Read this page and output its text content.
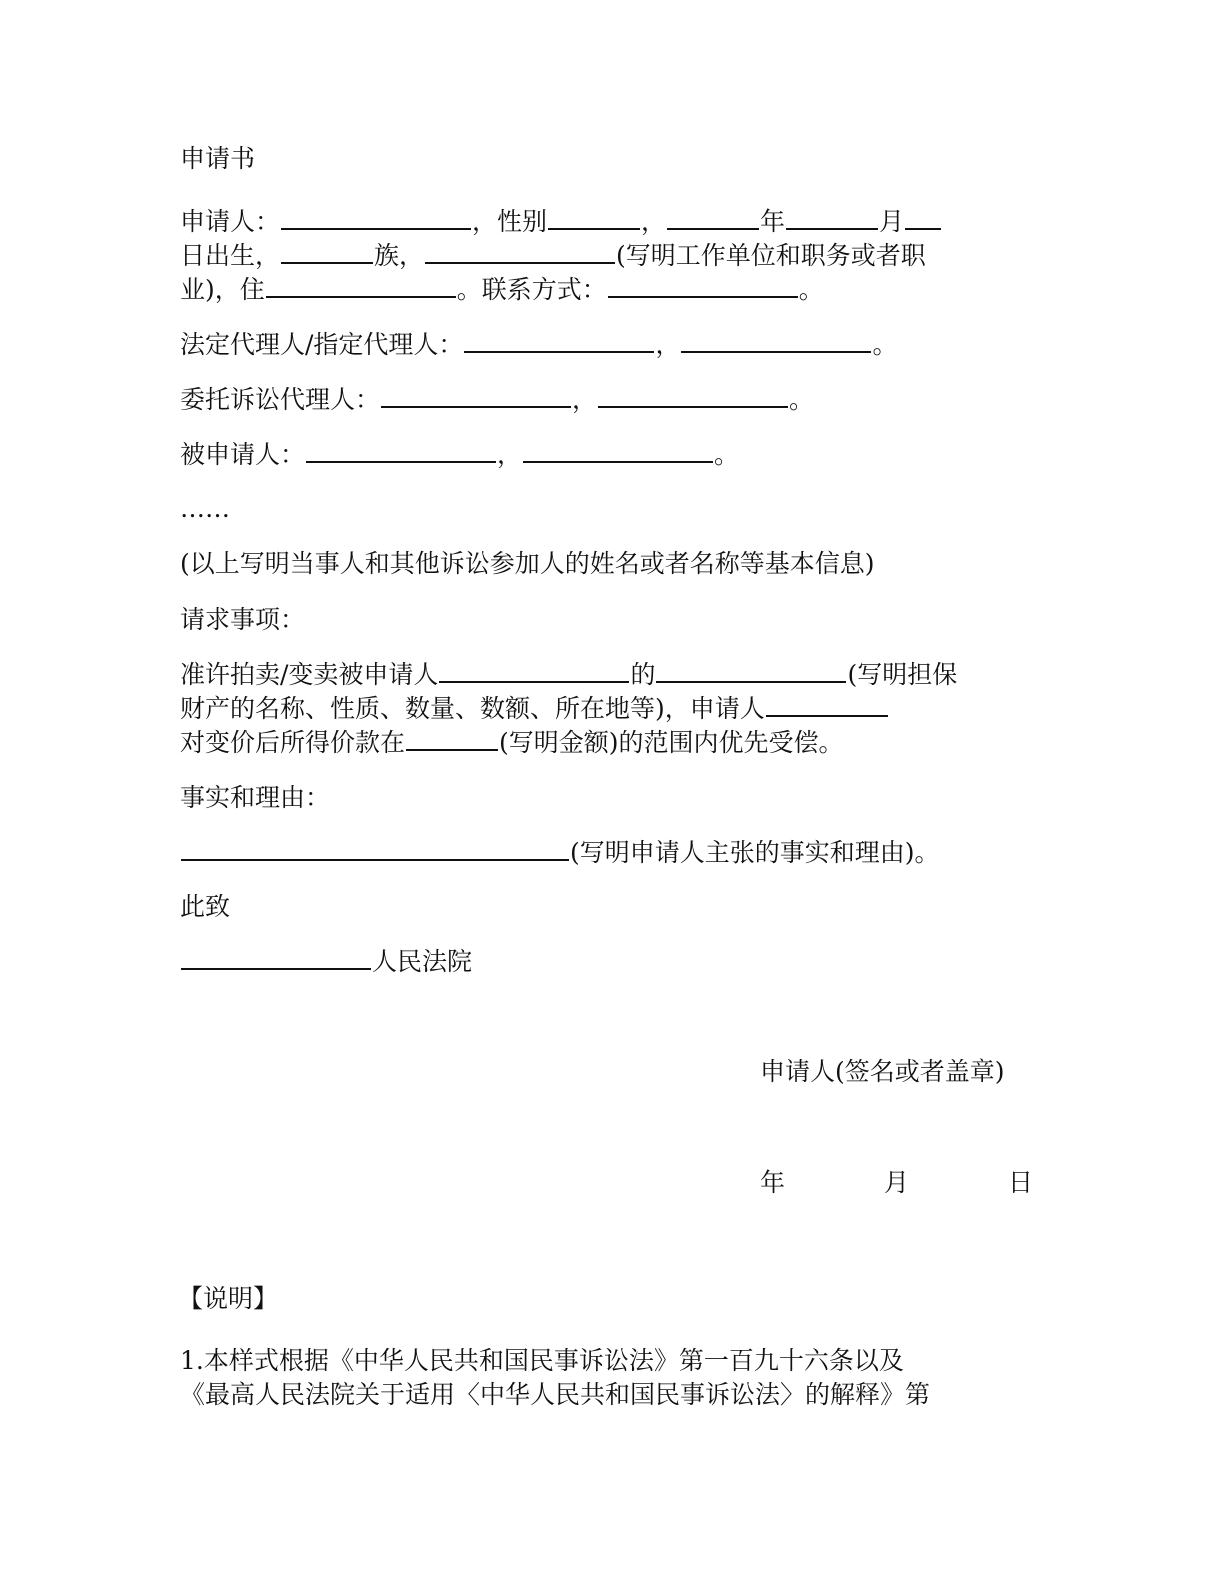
申请书
申请人：	，性别	，	年	月
日出生，	族，	(写明工作单位和职务或者职
业)，住	。联系方式：	。
法定代理人/指定代理人：	，	。
委托诉讼代理人：	，	。
被申请人：	，	。
……
(以上写明当事人和其他诉讼参加人的姓名或者名称等基本信息)
请求事项：
准许拍卖/变卖被申请人	的	(写明担保
财产的名称、性质、数量、数额、所在地等)，申请人
对变价后所得价款在	(写明金额)的范围内优先受偿。
事实和理由：
(写明申请人主张的事实和理由)。
此致
人民法院
申请人(签名或者盖章)
年	月	日
【说明】
1.本样式根据《中华人民共和国民事诉讼法》第一百九十六条以及
《最高人民法院关于适用〈中华人民共和国民事诉讼法〉的解释》第
